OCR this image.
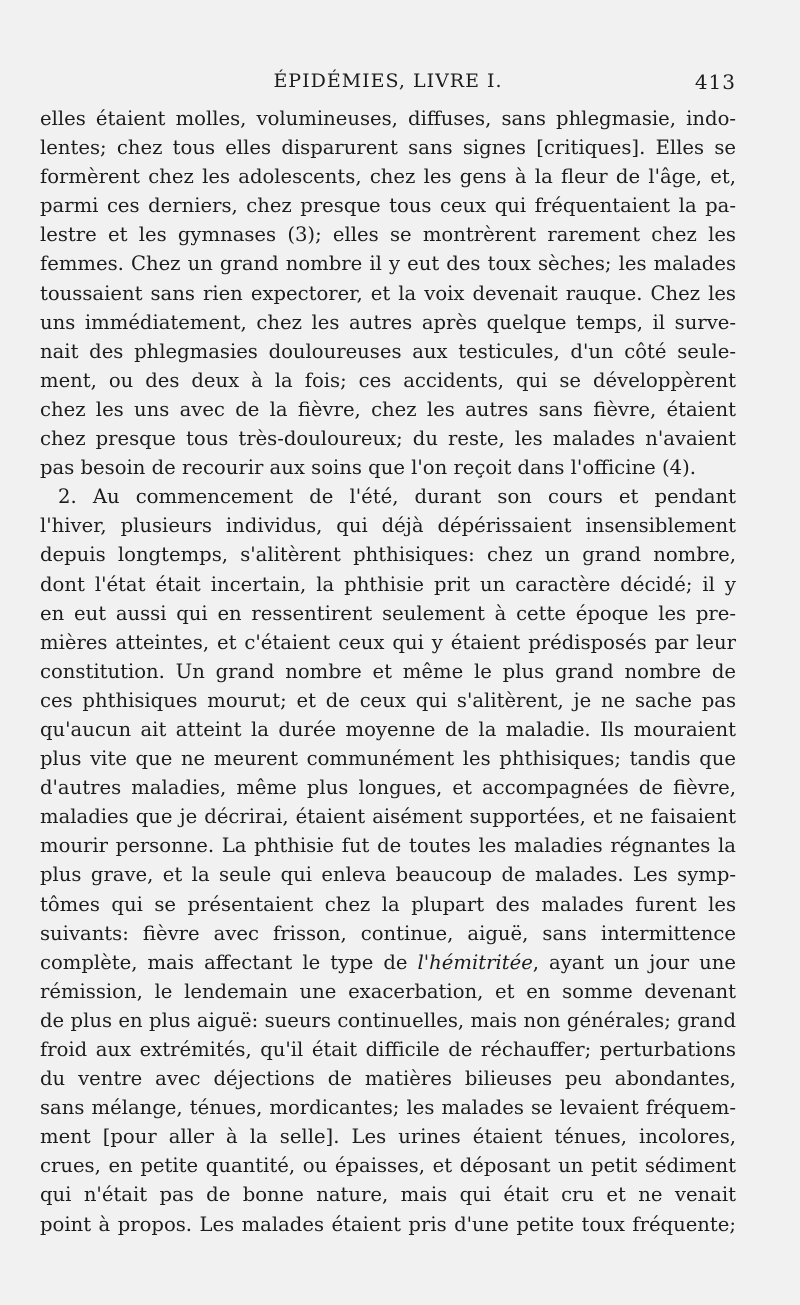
ÉPIDÉMIES, LIVRE I.	413
elles étaient molles, volumineuses, diffuses, sans phlegmasie, indo-
lentes; chez tous elles disparurent sans signes [critiques]. Elles se
formèrent chez les adolescents, chez les gens à la fleur de l'âge, et,
parmi ces derniers, chez presque tous ceux qui fréquentaient la pa-
lestre et les gymnases (3); elles se montrèrent rarement chez les
femmes. Chez un grand nombre il y eut des toux sèches; les malades
toussaient sans rien expectorer, et la voix devenait rauque. Chez les
uns immédiatement, chez les autres après quelque temps, il surve-
nait des phlegmasies douloureuses aux testicules, d'un côté seule-
ment, ou des deux à la fois; ces accidents, qui se développèrent
chez les uns avec de la fièvre, chez les autres sans fièvre, étaient
chez presque tous très-douloureux; du reste, les malades n'avaient
pas besoin de recourir aux soins que l'on reçoit dans l'officine (4).
2. Au commencement de l'été, durant son cours et pendant
l'hiver, plusieurs individus, qui déjà dépérissaient insensiblement
depuis longtemps, s'alitèrent phthisiques: chez un grand nombre,
dont l'état était incertain, la phthisie prit un caractère décidé; il y
en eut aussi qui en ressentirent seulement à cette époque les pre-
mières atteintes, et c'étaient ceux qui y étaient prédisposés par leur
constitution. Un grand nombre et même le plus grand nombre de
ces phthisiques mourut; et de ceux qui s'alitèrent, je ne sache pas
qu'aucun ait atteint la durée moyenne de la maladie. Ils mouraient
plus vite que ne meurent communément les phthisiques; tandis que
d'autres maladies, même plus longues, et accompagnées de fièvre,
maladies que je décrirai, étaient aisément supportées, et ne faisaient
mourir personne. La phthisie fut de toutes les maladies régnantes la
plus grave, et la seule qui enleva beaucoup de malades. Les symp-
tômes qui se présentaient chez la plupart des malades furent les
suivants: fièvre avec frisson, continue, aiguë, sans intermittence
complète, mais affectant le type de l'hémitritée, ayant un jour une
rémission, le lendemain une exacerbation, et en somme devenant
de plus en plus aiguë: sueurs continuelles, mais non générales; grand
froid aux extrémités, qu'il était difficile de réchauffer; perturbations
du ventre avec déjections de matières bilieuses peu abondantes,
sans mélange, ténues, mordicantes; les malades se levaient fréquem-
ment [pour aller à la selle]. Les urines étaient ténues, incolores,
crues, en petite quantité, ou épaisses, et déposant un petit sédiment
qui n'était pas de bonne nature, mais qui était cru et ne venait
point à propos. Les malades étaient pris d'une petite toux fréquente;
